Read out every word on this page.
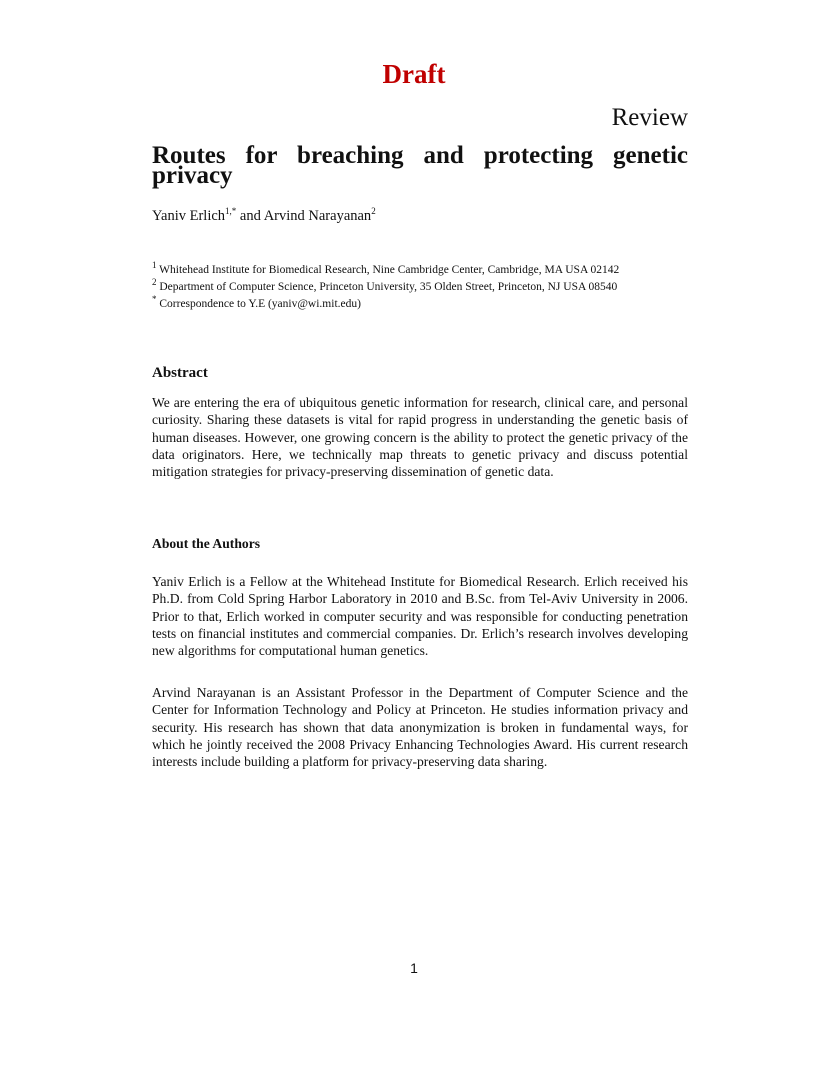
Draft
Review
Routes for breaching and protecting genetic privacy
Yaniv Erlich$^{1,*}$ and Arvind Narayanan$^2$
$^1$ Whitehead Institute for Biomedical Research, Nine Cambridge Center, Cambridge, MA USA 02142
$^2$ Department of Computer Science, Princeton University, 35 Olden Street, Princeton, NJ USA 08540
* Correspondence to Y.E (yaniv@wi.mit.edu)
Abstract

We are entering the era of ubiquitous genetic information for research, clinical care, and personal curiosity. Sharing these datasets is vital for rapid progress in understanding the genetic basis of human diseases. However, one growing concern is the ability to protect the genetic privacy of the data originators. Here, we technically map threats to genetic privacy and discuss potential mitigation strategies for privacy-preserving dissemination of genetic data.

About the Authors

Yaniv Erlich is a Fellow at the Whitehead Institute for Biomedical Research. Erlich received his Ph.D. from Cold Spring Harbor Laboratory in 2010 and B.Sc. from Tel-Aviv University in 2006. Prior to that, Erlich worked in computer security and was responsible for conducting penetration tests on financial institutes and commercial companies. Dr. Erlich’s research involves developing new algorithms for computational human genetics.

Arvind Narayanan is an Assistant Professor in the Department of Computer Science and the Center for Information Technology and Policy at Princeton. He studies information privacy and security. His research has shown that data anonymization is broken in fundamental ways, for which he jointly received the 2008 Privacy Enhancing Technologies Award. His current research interests include building a platform for privacy-preserving data sharing.

1
